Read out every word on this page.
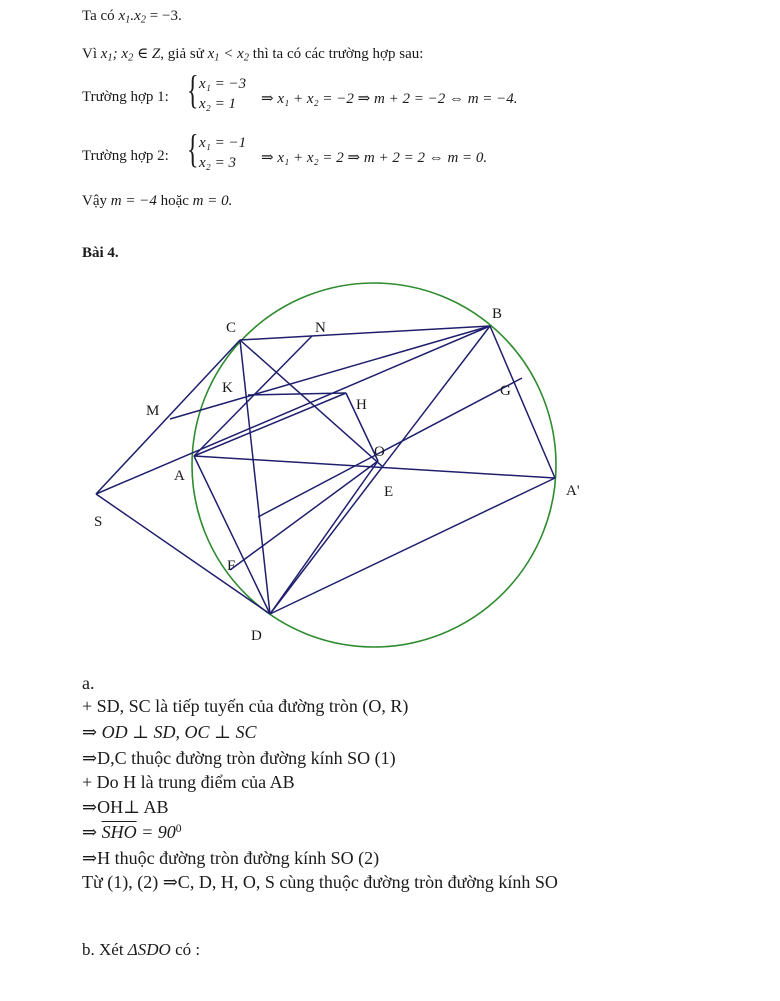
Ta có $x_1.x_2 = -3$.
Vì $x_1$; $x_2$ ∈ Z, giả sử $x_1 < x_2$ thì ta có các trường hợp sau:
Trường hợp 1: { x₁ = −3
x₂ = 1	⇒ x₁ + x₂ = −2 ⇒ m + 2 = −2 ⇔ m = −4.
Trường hợp 2: { x₁ = −1
x₂ = 3	⇒ x₁ + x₂ = 2 ⇒ m + 2 = 2 ⇔ m = 0.
Vậy m = −4 hoặc m = 0.
Bài 4.
C	N
B
K
M	H
G
O
A
E	A'
S
F
D
a.
+ SD, SC là tiếp tuyến của đường tròn (O, R)
⇒ OD ⊥ SD, OC ⊥ SC
⇒D,C thuộc đường tròn đường kính SO (1)
+ Do H là trung điểm của AB
⇒OH⊥ AB
⇒ $\overline{SHO} = 90^0$
⇒H thuộc đường tròn đường kính SO (2)
Từ (1), (2) ⇒C, D, H, O, S cùng thuộc đường tròn đường kính SO
b. Xét ΔSDO có :
